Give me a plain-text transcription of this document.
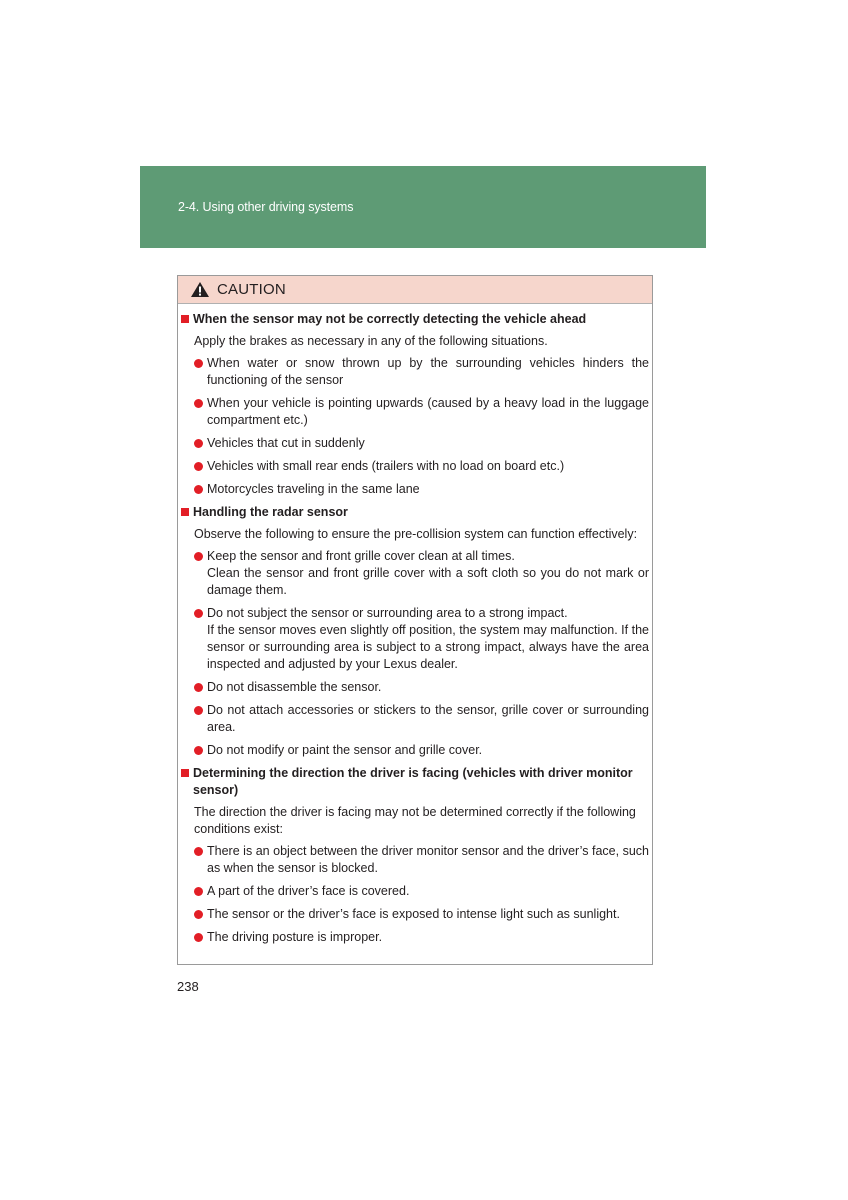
2-4. Using other driving systems
CAUTION
When the sensor may not be correctly detecting the vehicle ahead
Apply the brakes as necessary in any of the following situations.
When water or snow thrown up by the surrounding vehicles hinders the functioning of the sensor
When your vehicle is pointing upwards (caused by a heavy load in the luggage compartment etc.)
Vehicles that cut in suddenly
Vehicles with small rear ends (trailers with no load on board etc.)
Motorcycles traveling in the same lane
Handling the radar sensor
Observe the following to ensure the pre-collision system can function effectively:
Keep the sensor and front grille cover clean at all times.
Clean the sensor and front grille cover with a soft cloth so you do not mark or damage them.
Do not subject the sensor or surrounding area to a strong impact.
If the sensor moves even slightly off position, the system may malfunction. If the sensor or surrounding area is subject to a strong impact, always have the area inspected and adjusted by your Lexus dealer.
Do not disassemble the sensor.
Do not attach accessories or stickers to the sensor, grille cover or surrounding area.
Do not modify or paint the sensor and grille cover.
Determining the direction the driver is facing (vehicles with driver monitor sensor)
The direction the driver is facing may not be determined correctly if the following conditions exist:
There is an object between the driver monitor sensor and the driver’s face, such as when the sensor is blocked.
A part of the driver’s face is covered.
The sensor or the driver’s face is exposed to intense light such as sunlight.
The driving posture is improper.
238
